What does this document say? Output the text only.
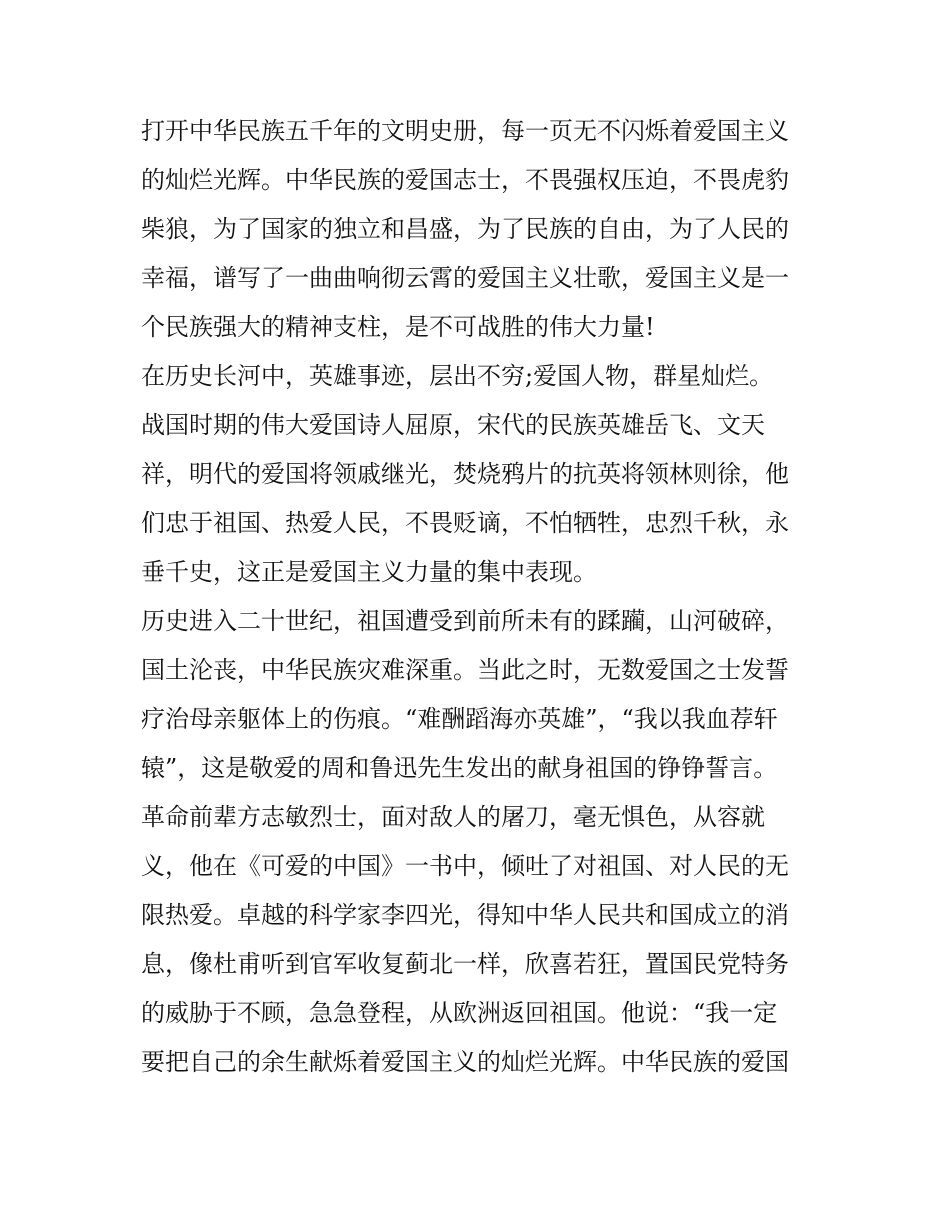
打开中华民族五千年的文明史册，每一页无不闪烁着爱国主义
的灿烂光辉。中华民族的爱国志士，不畏强权压迫，不畏虎豹
柴狼，为了国家的独立和昌盛，为了民族的自由，为了人民的
幸福，谱写了一曲曲响彻云霄的爱国主义壮歌，爱国主义是一
个民族强大的精神支柱，是不可战胜的伟大力量!
在历史长河中，英雄事迹，层出不穷;爱国人物，群星灿烂。
战国时期的伟大爱国诗人屈原，宋代的民族英雄岳飞、文天
祥，明代的爱国将领戚继光，焚烧鸦片的抗英将领林则徐，他
们忠于祖国、热爱人民，不畏贬谪，不怕牺牲，忠烈千秋，永
垂千史，这正是爱国主义力量的集中表现。
历史进入二十世纪，祖国遭受到前所未有的蹂躏，山河破碎，
国土沦丧，中华民族灾难深重。当此之时，无数爱国之士发誓
疗治母亲躯体上的伤痕。“难酬蹈海亦英雄”，“我以我血荐轩
辕”，这是敬爱的周和鲁迅先生发出的献身祖国的铮铮誓言。
革命前辈方志敏烈士，面对敌人的屠刀，毫无惧色，从容就
义，他在《可爱的中国》一书中，倾吐了对祖国、对人民的无
限热爱。卓越的科学家李四光，得知中华人民共和国成立的消
息，像杜甫听到官军收复蓟北一样，欣喜若狂，置国民党特务
的威胁于不顾，急急登程，从欧洲返回祖国。他说：“我一定
要把自己的余生献烁着爱国主义的灿烂光辉。中华民族的爱国
